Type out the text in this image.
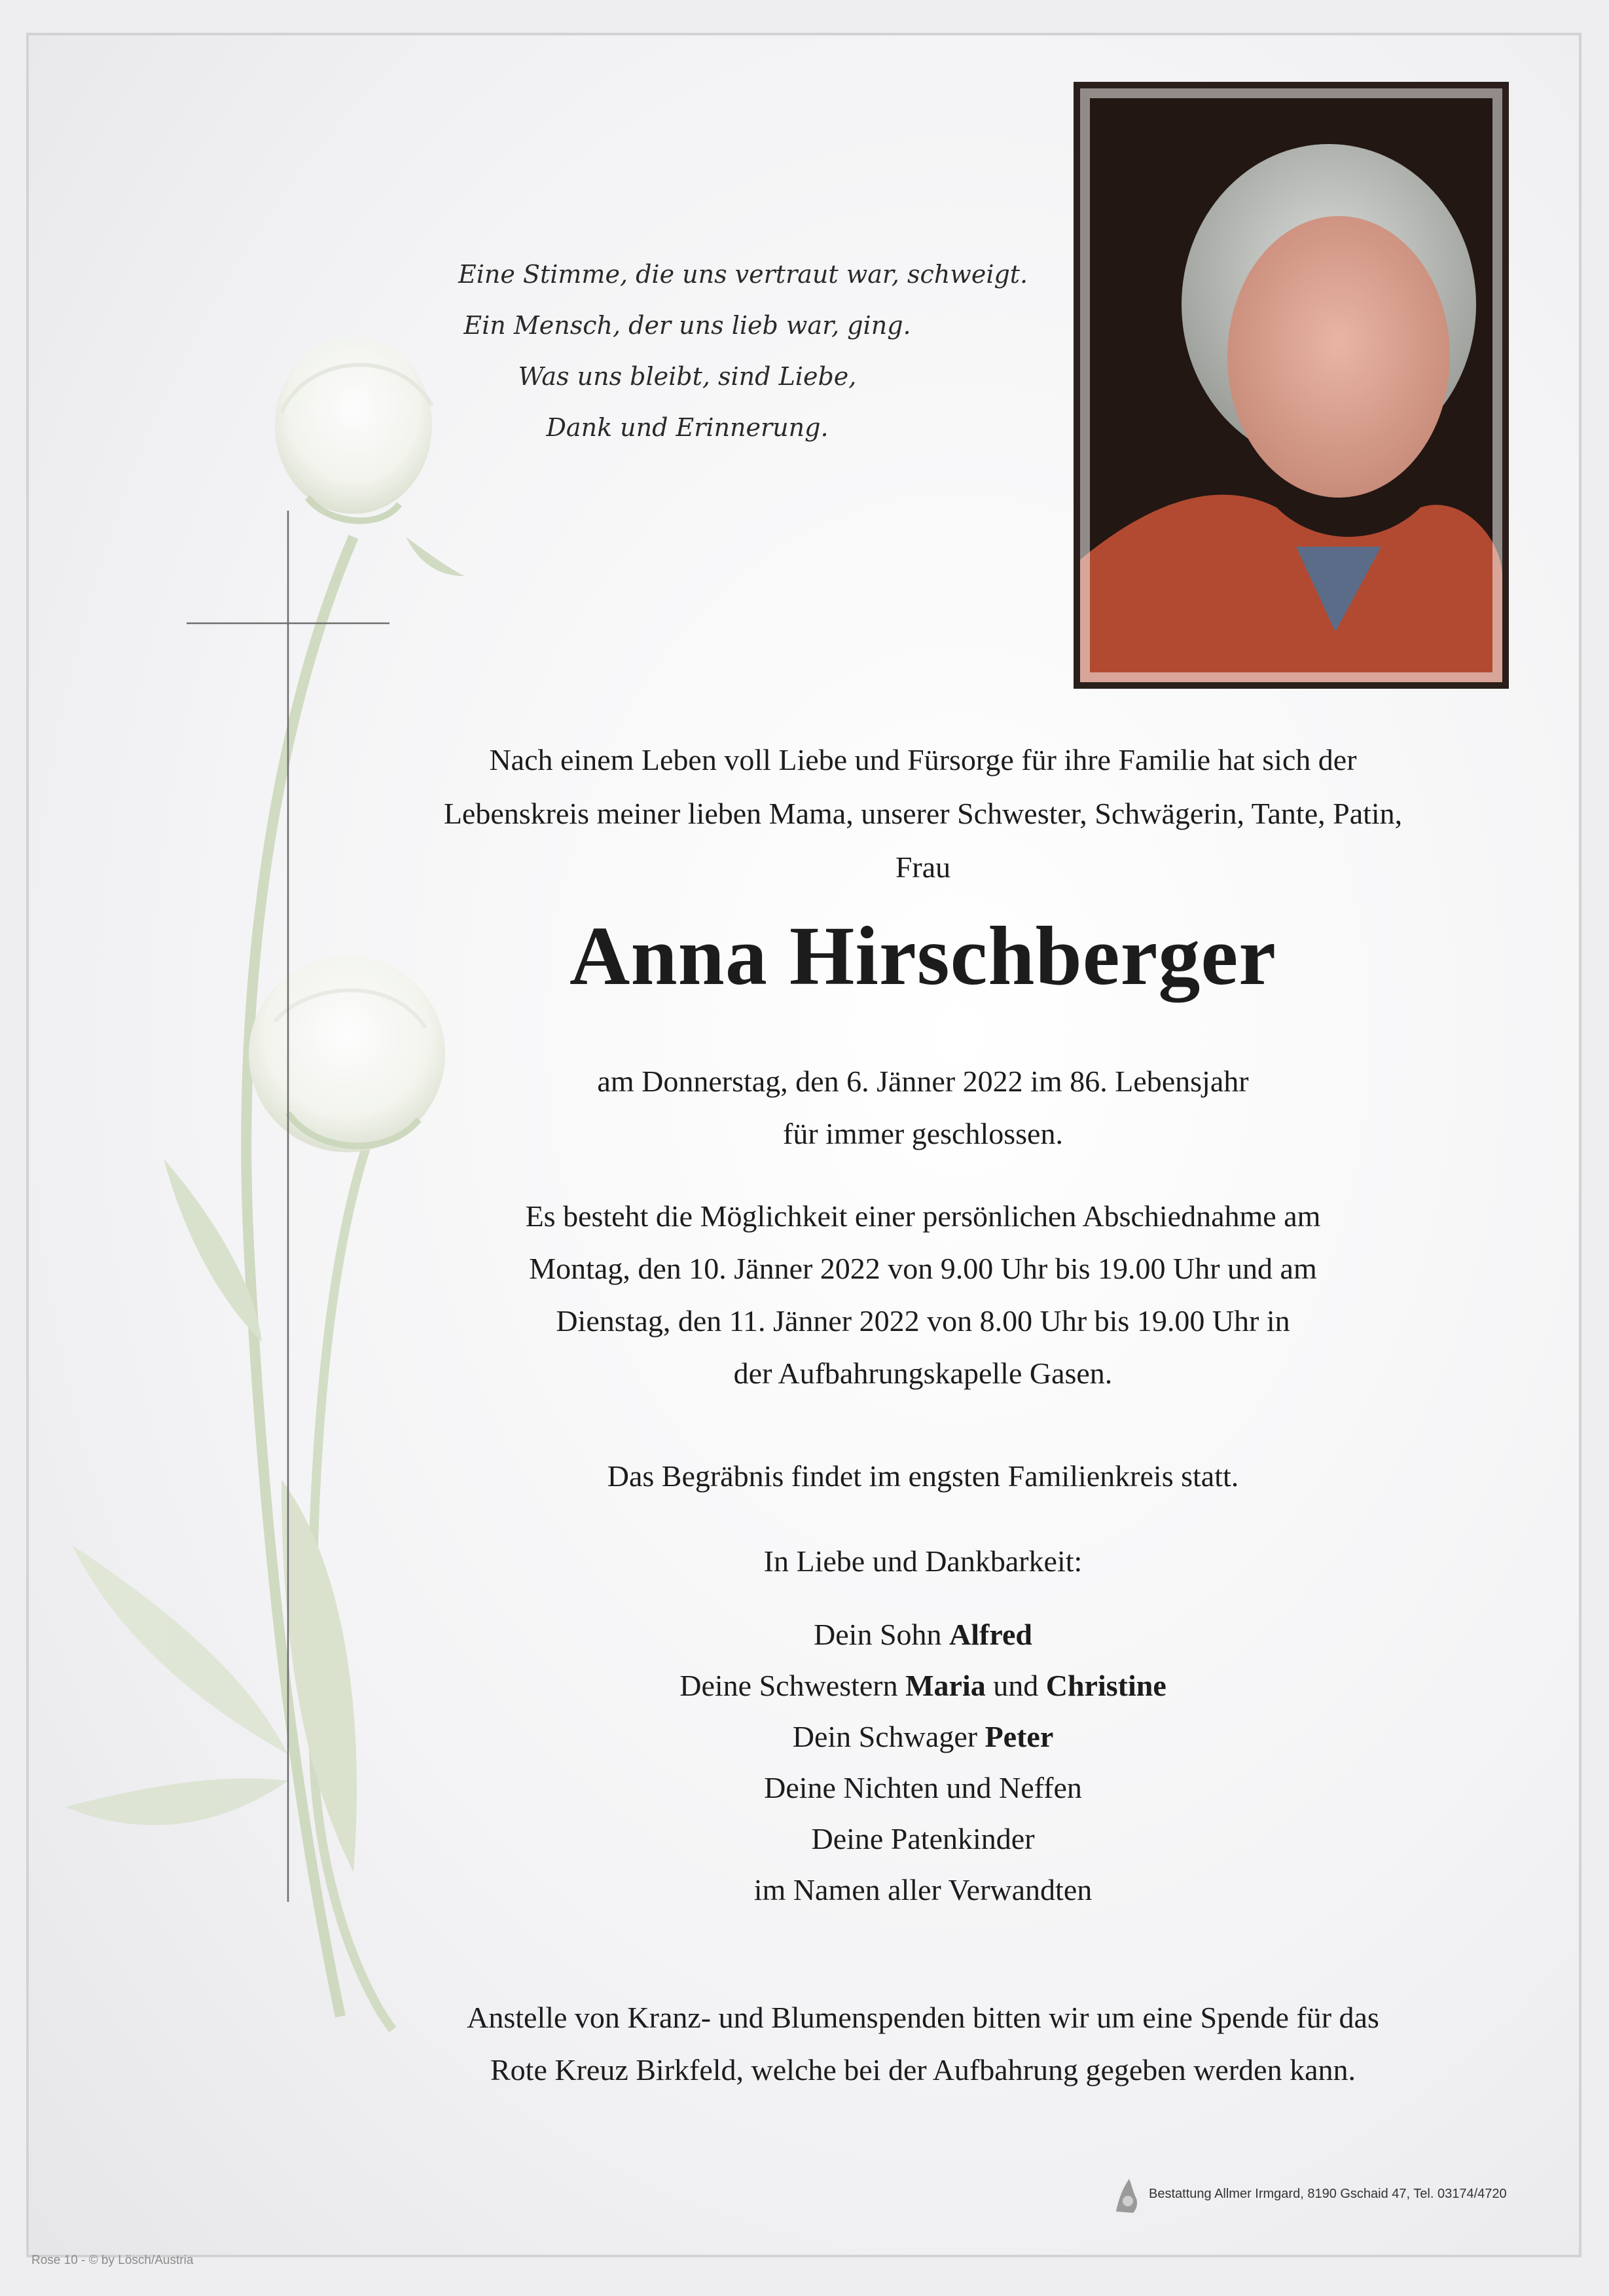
Eine Stimme, die uns vertraut war, schweigt.
Ein Mensch, der uns lieb war, ging.
Was uns bleibt, sind Liebe,
Dank und Erinnerung.
Nach einem Leben voll Liebe und Fürsorge für ihre Familie hat sich der
Lebenskreis meiner lieben Mama, unserer Schwester, Schwägerin, Tante, Patin,
Frau
Anna Hirschberger
am Donnerstag, den 6. Jänner 2022 im 86. Lebensjahr
für immer geschlossen.
Es besteht die Möglichkeit einer persönlichen Abschiednahme am
Montag, den 10. Jänner 2022 von 9.00 Uhr bis 19.00 Uhr und am
Dienstag, den 11. Jänner 2022 von 8.00 Uhr bis 19.00 Uhr in
der Aufbahrungskapelle Gasen.
Das Begräbnis findet im engsten Familienkreis statt.
In Liebe und Dankbarkeit:
Dein Sohn Alfred
Deine Schwestern Maria und Christine
Dein Schwager Peter
Deine Nichten und Neffen
Deine Patenkinder
im Namen aller Verwandten
Anstelle von Kranz- und Blumenspenden bitten wir um eine Spende für das
Rote Kreuz Birkfeld, welche bei der Aufbahrung gegeben werden kann.
Bestattung Allmer Irmgard, 8190 Gschaid 47, Tel. 03174/4720
Rose 10 - © by Lösch/Austria
